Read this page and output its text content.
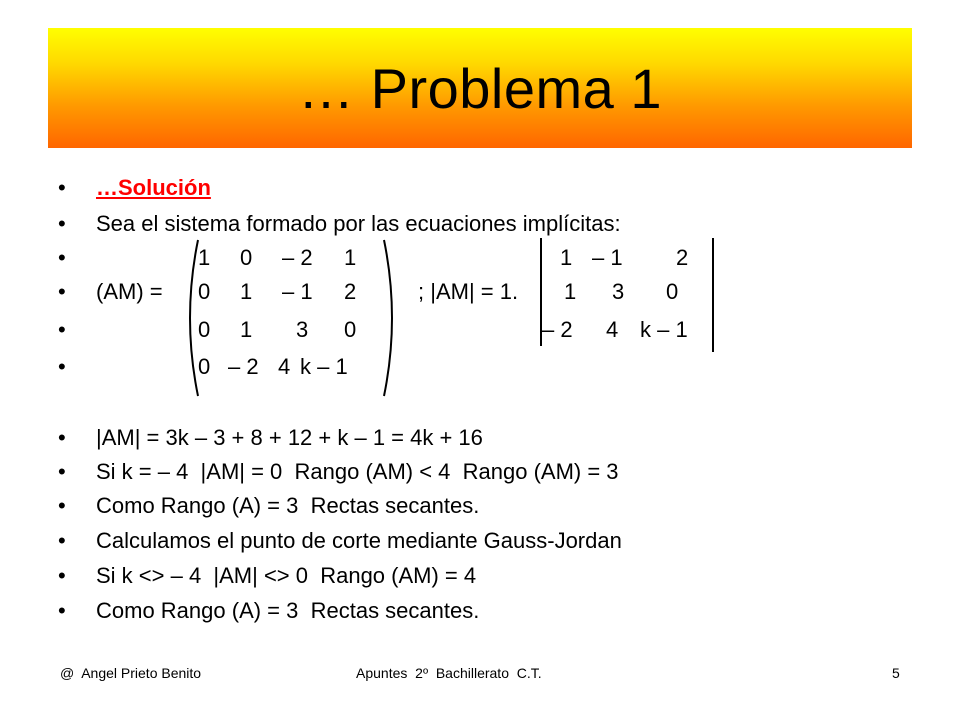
… Problema 1
•
•
•
•
•
•
•
•
•
•
•
•
…Solución
Sea el sistema formado por las ecuaciones implícitas:
(AM) =
1 0 – 2 1
0 1 – 1 2
0 1 3 0
0 – 2 4 k – 1
; |AM| = 1.
1 – 1 2
1 3 0
– 2 4 k – 1
|AM| = 3k – 3 + 8 + 12 + k – 1 = 4k + 16
Si k = – 4  |AM| = 0  Rango (AM) < 4  Rango (AM) = 3
Como Rango (A) = 3  Rectas secantes.
Calculamos el punto de corte mediante Gauss-Jordan
Si k <> – 4  |AM| <> 0  Rango (AM) = 4
Como Rango (A) = 3  Rectas secantes.
@  Angel Prieto Benito	Apuntes  2º  Bachillerato  C.T.	5
